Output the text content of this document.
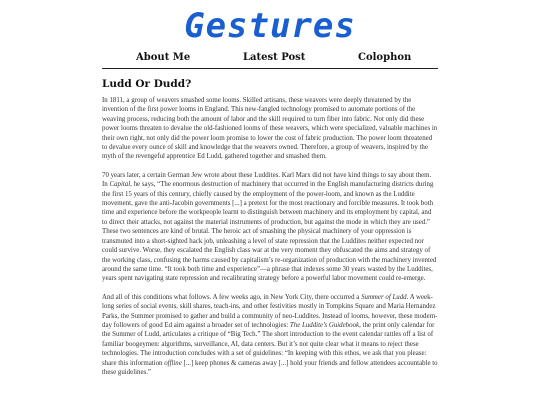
Gestures
About Me	Latest Post	Colophon
Ludd Or Dudd?

In 1811, a group of weavers smashed some looms. Skilled artisans, these weavers were deeply threatened by the invention of the first power looms in England. This new-fangled technology promised to automate portions of the weaving process, reducing both the amount of labor and the skill required to turn fiber into fabric. Not only did these power looms threaten to devalue the old-fashioned looms of these weavers, which were specialized, valuable machines in their own right, not only did the power loom promise to lower the cost of fabric production. The power loom threatened to devalue every ounce of skill and knowledge that the weavers owned. Therefore, a group of weavers, inspired by the myth of the revengeful apprentice Ed Ludd, gathered together and smashed them.

70 years later, a certain German Jew wrote about these Luddites. Karl Marx did not have kind things to say about them. In Capital, he says, “The enormous destruction of machinery that occurred in the English manufacturing districts during the first 15 years of this century, chiefly caused by the employment of the power-loom, and known as the Luddite movement, gave the anti-Jacobin governments [...] a pretext for the most reactionary and forcible measures. It took both time and experience before the workpeople learnt to distinguish between machinery and its employment by capital, and to direct their attacks, not against the material instruments of production, but against the mode in which they are used.” These two sentences are kind of brutal. The heroic act of smashing the physical machinery of your oppression is transmuted into a short-sighted hack job, unleashing a level of state repression that the Luddites neither expected nor could survive. Worse, they escalated the English class war at the very moment they obfuscated the aims and strategy of the working class, confusing the harms caused by capitalism’s re-organization of production with the machinery invented around the same time. “It took both time and experience”—a phrase that indexes some 30 years wasted by the Luddites, years spent navigating state repression and recalibrating strategy before a powerful labor movement could re-emerge.

And all of this conditions what follows. A few weeks ago, in New York City, there occurred a Summer of Ludd. A week-long series of social events, skill shares, teach-ins, and other festivities mostly in Tompkins Square and Maria Hernandez Parks, the Summer promised to gather and build a community of neo-Luddites. Instead of looms, however, these modern-day followers of good Ed aim against a broader set of technologies: The Luddite’s Guidebook, the print only calendar for the Summer of Ludd, articulates a critique of “Big Tech.” The short introduction to the event calendar rattles off a list of familiar boogeymen: algorithms, surveillance, AI, data centers. But it’s not quite clear what it means to reject these technologies. The introduction concludes with a set of guidelines: “In keeping with this ethos, we ask that you please: share this information offline [...] keep phones & cameras away [...] hold your friends and fellow attendees accountable to these guidelines.”
